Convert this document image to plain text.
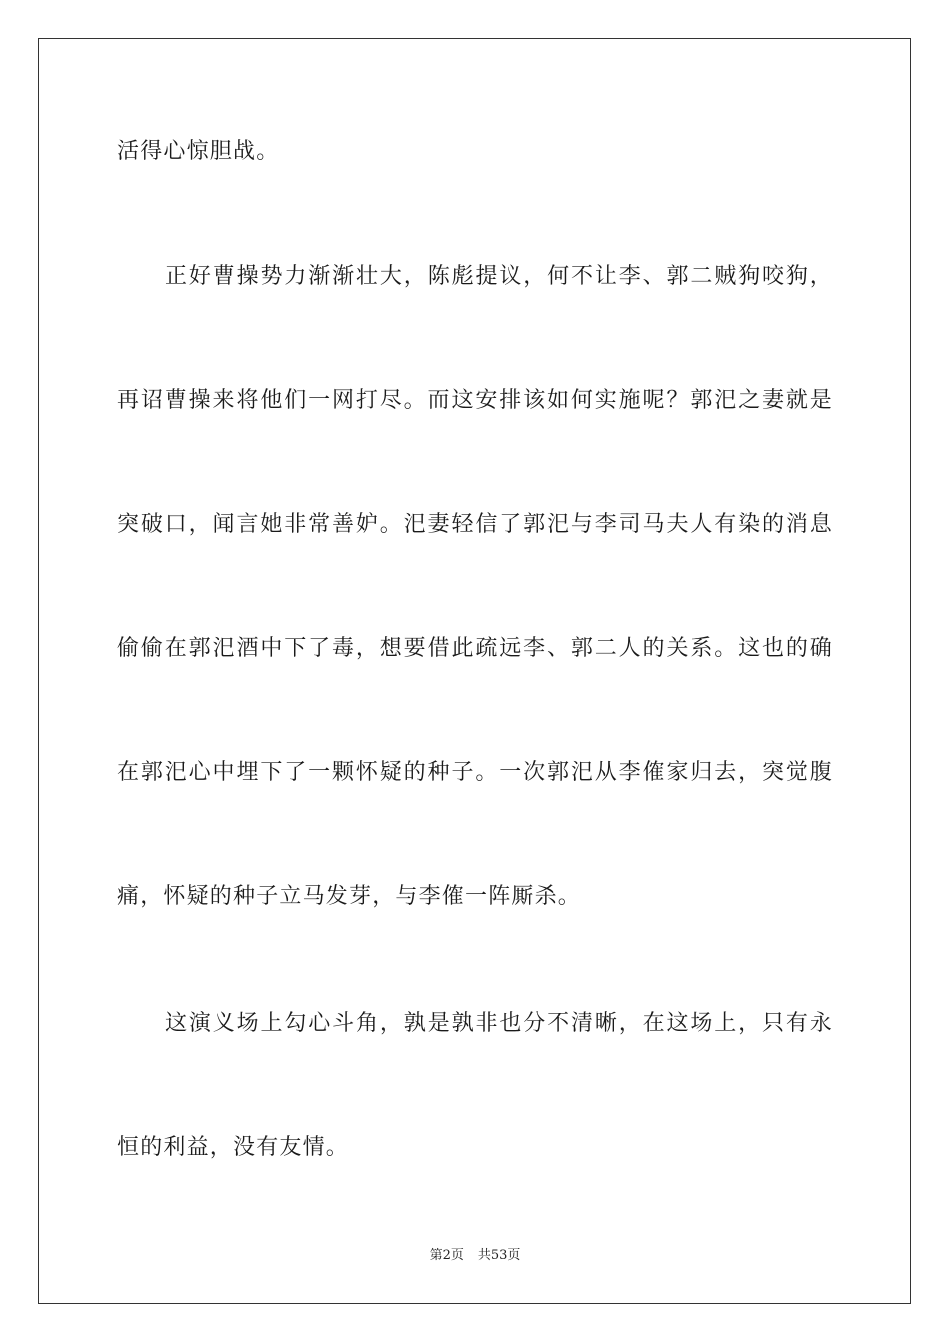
活得心惊胆战。
正好曹操势力渐渐壮大，陈彪提议，何不让李、郭二贼狗咬狗，
再诏曹操来将他们一网打尽。而这安排该如何实施呢？郭汜之妻就是
突破口，闻言她非常善妒。汜妻轻信了郭汜与李司马夫人有染的消息
偷偷在郭汜酒中下了毒，想要借此疏远李、郭二人的关系。这也的确
在郭汜心中埋下了一颗怀疑的种子。一次郭汜从李傕家归去，突觉腹
痛，怀疑的种子立马发芽，与李傕一阵厮杀。
这演义场上勾心斗角，孰是孰非也分不清晰，在这场上，只有永
恒的利益，没有友情。
第2页 共53页
